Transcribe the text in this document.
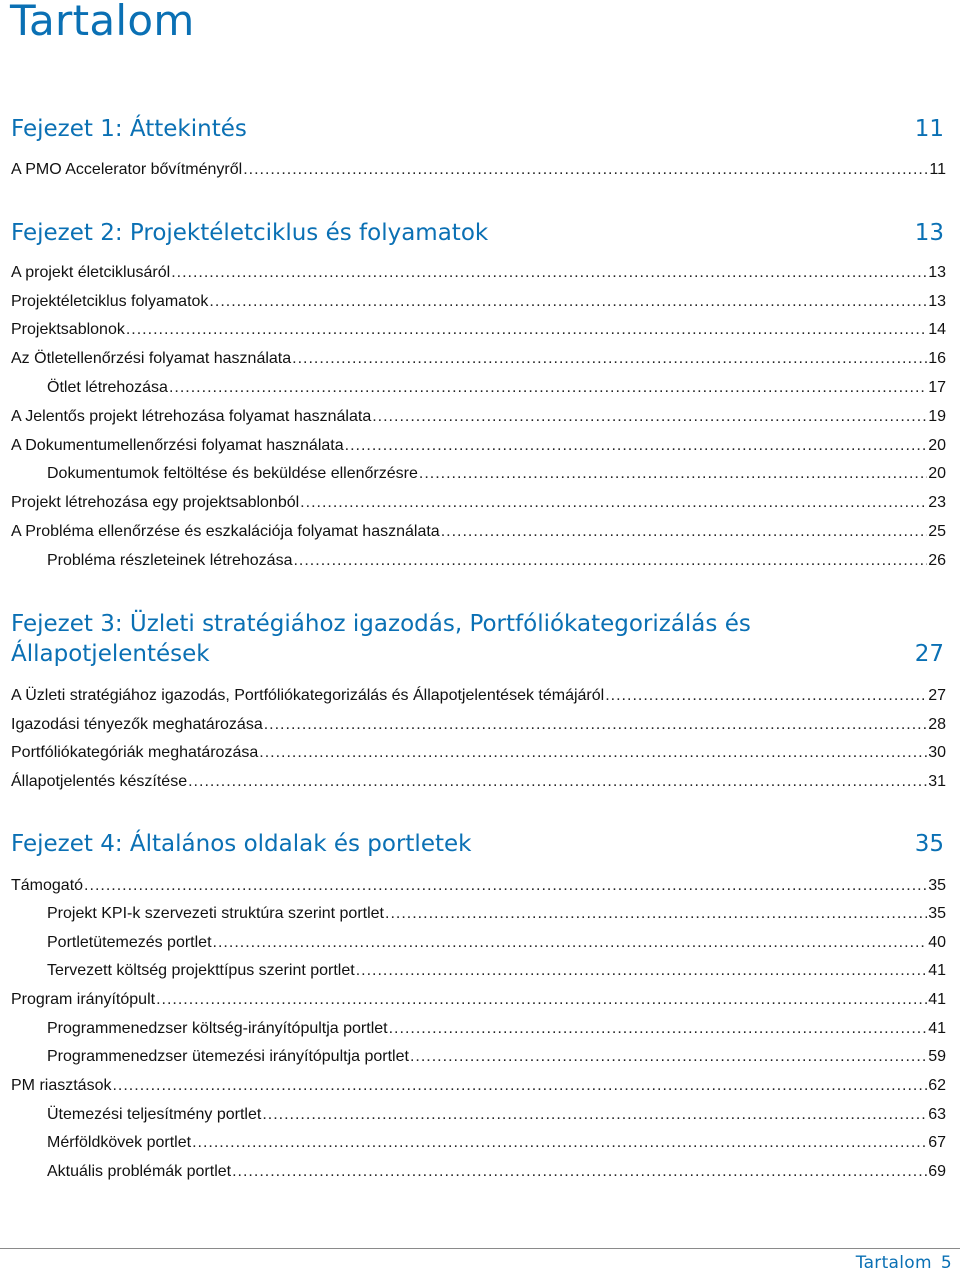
Tartalom
Fejezet 1: Áttekintés	11
A PMO Accelerator bővítményről .....	11
Fejezet 2: Projektéletciklus és folyamatok	13
A projekt életciklusáról .....	13
Projektéletciklus folyamatok .....	13
Projektsablonok .....	14
Az Ötletellenőrzési folyamat használata .....	16
Ötlet létrehozása .....	17
A Jelentős projekt létrehozása folyamat használata .....	19
A Dokumentumellenőrzési folyamat használata .....	20
Dokumentumok feltöltése és beküldése ellenőrzésre .....	20
Projekt létrehozása egy projektsablonból .....	23
A Probléma ellenőrzése és eszkalációja folyamat használata .....	25
Probléma részleteinek létrehozása .....	26
Fejezet 3: Üzleti stratégiához igazodás, Portfóliókategorizálás és Állapotjelentések	27
A Üzleti stratégiához igazodás, Portfóliókategorizálás és Állapotjelentések témájáról .....	27
Igazodási tényezők meghatározása .....	28
Portfóliókategóriák meghatározása .....	30
Állapotjelentés készítése .....	31
Fejezet 4: Általános oldalak és portletek	35
Támogató .....	35
Projekt KPI-k szervezeti struktúra szerint portlet .....	35
Portletütemezés portlet .....	40
Tervezett költség projekttípus szerint portlet .....	41
Program irányítópult .....	41
Programmenedzser költség-irányítópultja portlet .....	41
Programmenedzser ütemezési irányítópultja portlet .....	59
PM riasztások .....	62
Ütemezési teljesítmény portlet .....	63
Mérföldkövek portlet .....	67
Aktuális problémák portlet .....	69
Tartalom 5
